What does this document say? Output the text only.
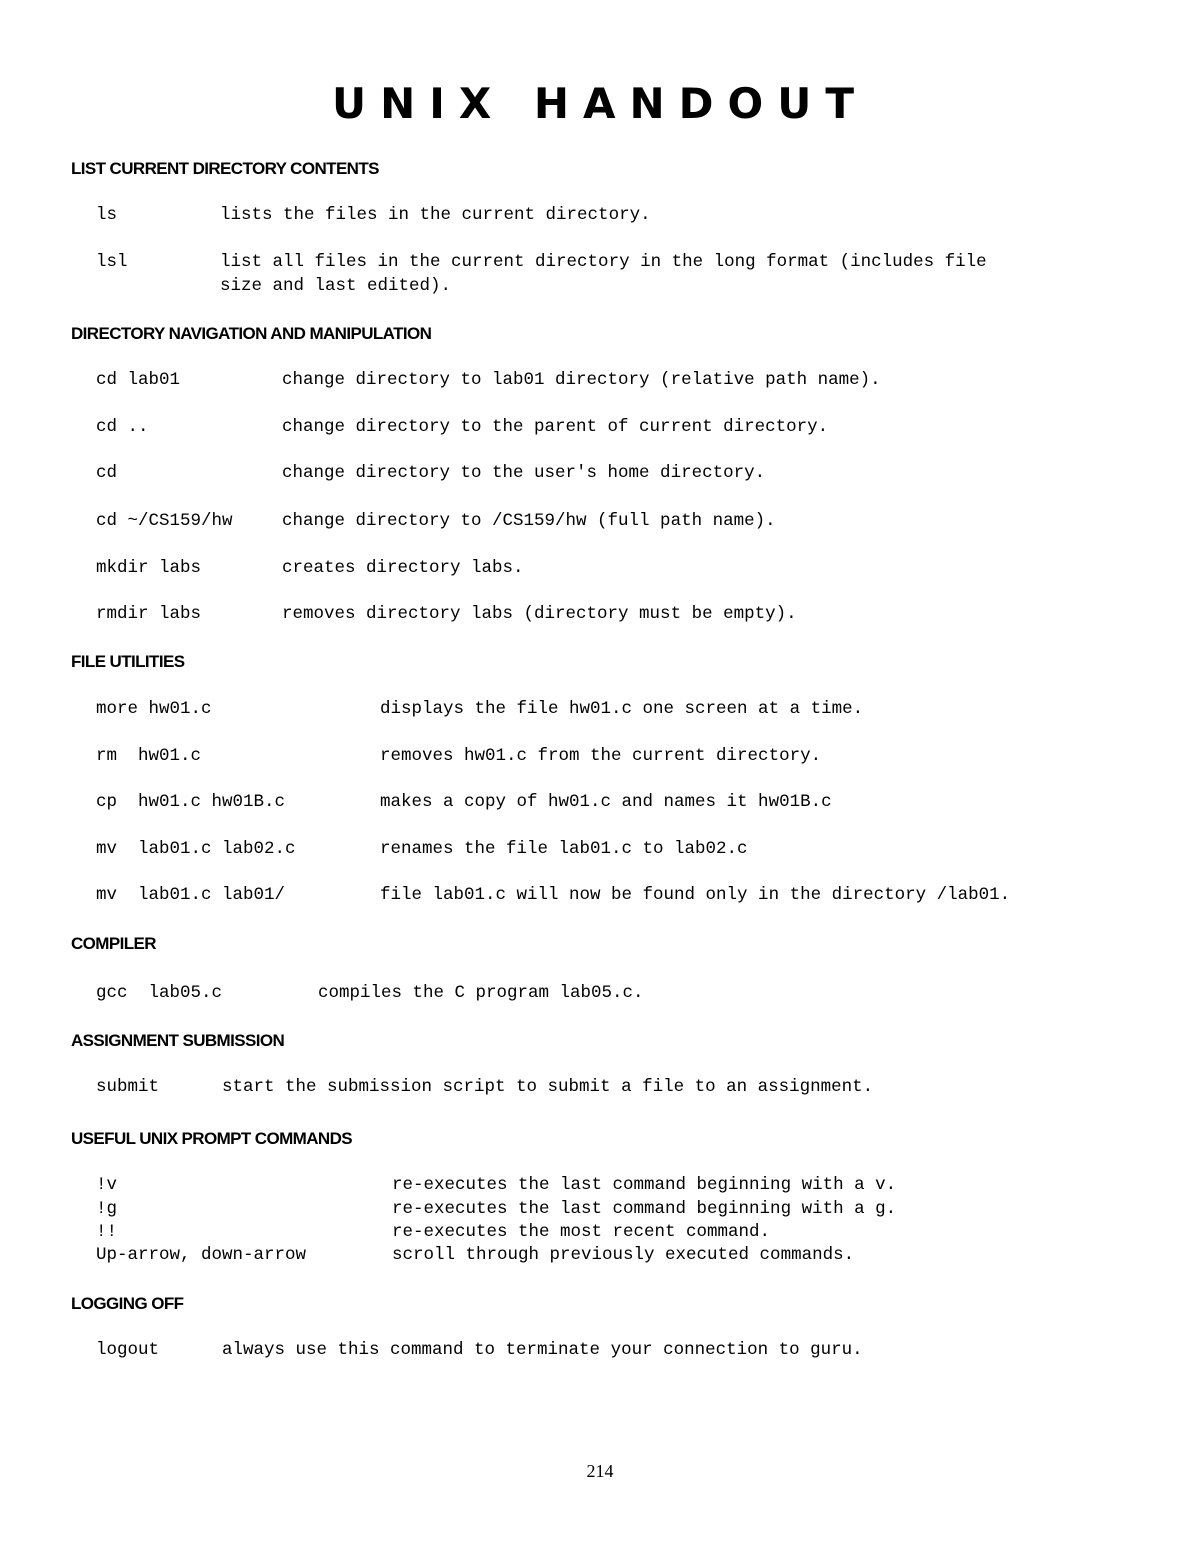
UNIX HANDOUT
LIST CURRENT DIRECTORY CONTENTS
ls	lists the files in the current directory.
lsl	list all files in the current directory in the long format (includes file
size and last edited).
DIRECTORY NAVIGATION AND MANIPULATION
cd lab01	change directory to lab01 directory (relative path name).
cd ..	change directory to the parent of current directory.
cd	change directory to the user's home directory.
cd ~/CS159/hw	change directory to /CS159/hw (full path name).
mkdir labs	creates directory labs.
rmdir labs	removes directory labs (directory must be empty).
FILE UTILITIES
more hw01.c	displays the file hw01.c one screen at a time.
rm  hw01.c	removes hw01.c from the current directory.
cp  hw01.c hw01B.c	makes a copy of hw01.c and names it hw01B.c
mv  lab01.c lab02.c	renames the file lab01.c to lab02.c
mv  lab01.c lab01/	file lab01.c will now be found only in the directory /lab01.
COMPILER
gcc  lab05.c	compiles the C program lab05.c.
ASSIGNMENT SUBMISSION
submit	start the submission script to submit a file to an assignment.
USEFUL UNIX PROMPT COMMANDS
!v	re-executes the last command beginning with a v.
!g	re-executes the last command beginning with a g.
!!	re-executes the most recent command.
Up-arrow, down-arrow	scroll through previously executed commands.
LOGGING OFF
logout	always use this command to terminate your connection to guru.
214
